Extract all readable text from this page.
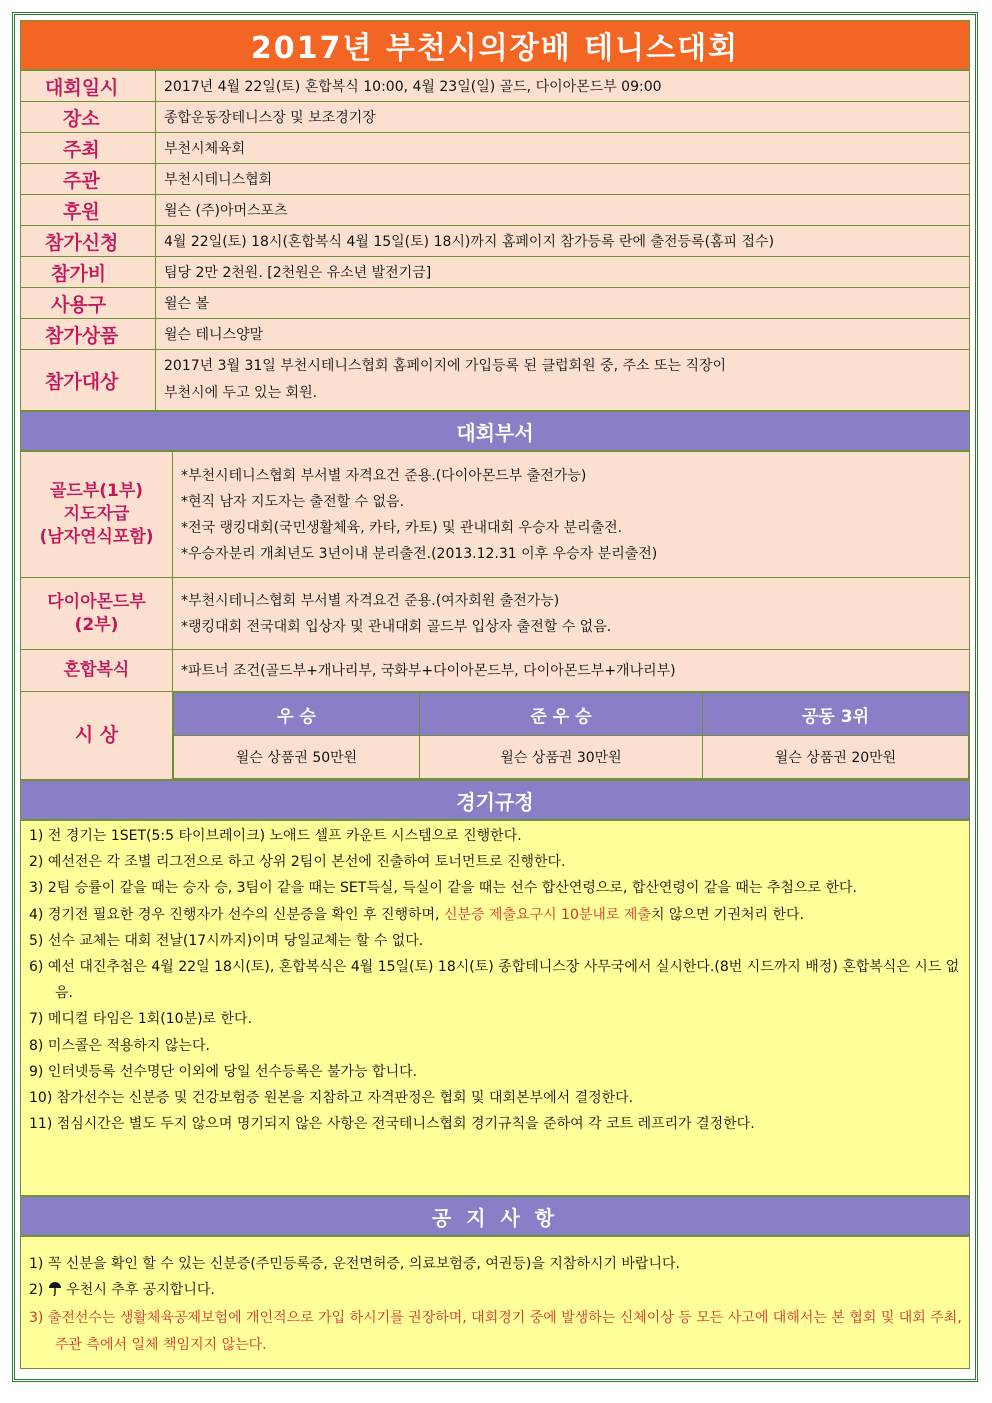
2017년 부천시의장배 테니스대회
대회일시	2017년 4월 22일(토) 혼합복식 10:00, 4월 23일(일) 골드, 다이아몬드부 09:00

장소	종합운동장테니스장 및 보조경기장

주최	부천시체육회

주관	부천시테니스협회

후원	윌슨 (주)아머스포츠

참가신청	4월 22일(토) 18시(혼합복식 4월 15일(토) 18시)까지 홈페이지 참가등록 란에 출전등록(홈피 접수)

참가비	팀당 2만 2천원. [2천원은 유소년 발전기금]

사용구	윌슨 볼

참가상품	윌슨 테니스양말

참가대상	2017년 3월 31일 부천시테니스협회 홈페이지에 가입등록 된 클럽회원 중, 주소 또는 직장이
부천시에 두고 있는 회원.
대회부서
골드부(1부)
지도자급
(남자연식포함)

*부천시테니스협회 부서별 자격요건 준용.(다이아몬드부 출전가능)
*현직 남자 지도자는 출전할 수 없음.
*전국 랭킹대회(국민생활체육, 카타, 카토) 및 관내대회 우승자 분리출전.
*우승자분리 개최년도 3년이내 분리출전.(2013.12.31 이후 우승자 분리출전)

다이아몬드부
(2부)

*부천시테니스협회 부서별 자격요건 준용.(여자회원 출전가능)
*랭킹대회 전국대회 입상자 및 관내대회 골드부 입상자 출전할 수 없음.

혼합복식	*파트너 조건(골드부+개나리부, 국화부+다이아몬드부, 다이아몬드부+개나리부)
시 상	
우 승	준 우 승	공동 3위
윌슨 상품권 50만원	윌슨 상품권 30만원	윌슨 상품권 20만원
경기규정
1) 전 경기는 1SET(5:5 타이브레이크) 노애드 셀프 카운트 시스템으로 진행한다.
2) 예선전은 각 조별 리그전으로 하고 상위 2팀이 본선에 진출하여 토너먼트로 진행한다.
3) 2팀 승률이 같을 때는 승자 승, 3팀이 같을 때는 SET득실, 득실이 같을 때는 선수 합산연령으로, 합산연령이 같을 때는 추첨으로 한다.
4) 경기전 필요한 경우 진행자가 선수의 신분증을 확인 후 진행하며, 신분증 제출요구시 10분내로 제출치 않으면 기권처리 한다.
5) 선수 교체는 대회 전날(17시까지)이며 당일교체는 할 수 없다.
6) 예선 대진추첨은 4월 22일 18시(토), 혼합복식은 4월 15일(토) 18시(토) 종합테니스장 사무국에서 실시한다.(8번 시드까지 배정) 혼합복식은 시드 없음.
7) 메디컬 타임은 1회(10분)로 한다.
8) 미스콜은 적용하지 않는다.
9) 인터넷등록 선수명단 이외에 당일 선수등록은 불가능 합니다.
10) 참가선수는 신분증 및 건강보험증 원본을 지참하고 자격판정은 협회 및 대회본부에서 결정한다.
11) 점심시간은 별도 두지 않으며 명기되지 않은 사항은 전국테니스협회 경기규칙을 준하여 각 코트 레프리가 결정한다.
공 지 사 항
1) 꼭 신분을 확인 할 수 있는 신분증(주민등록증, 운전면허증, 의료보험증, 여권등)을 지참하시기 바랍니다.
2) 우천시 추후 공지합니다.
3) 출전선수는 생활체육공제보험에 개인적으로 가입 하시기를 권장하며, 대회경기 중에 발생하는 신체이상 등 모든 사고에 대해서는 본 협회 및 대회 주최,주관 측에서 일체 책임지지 않는다.
